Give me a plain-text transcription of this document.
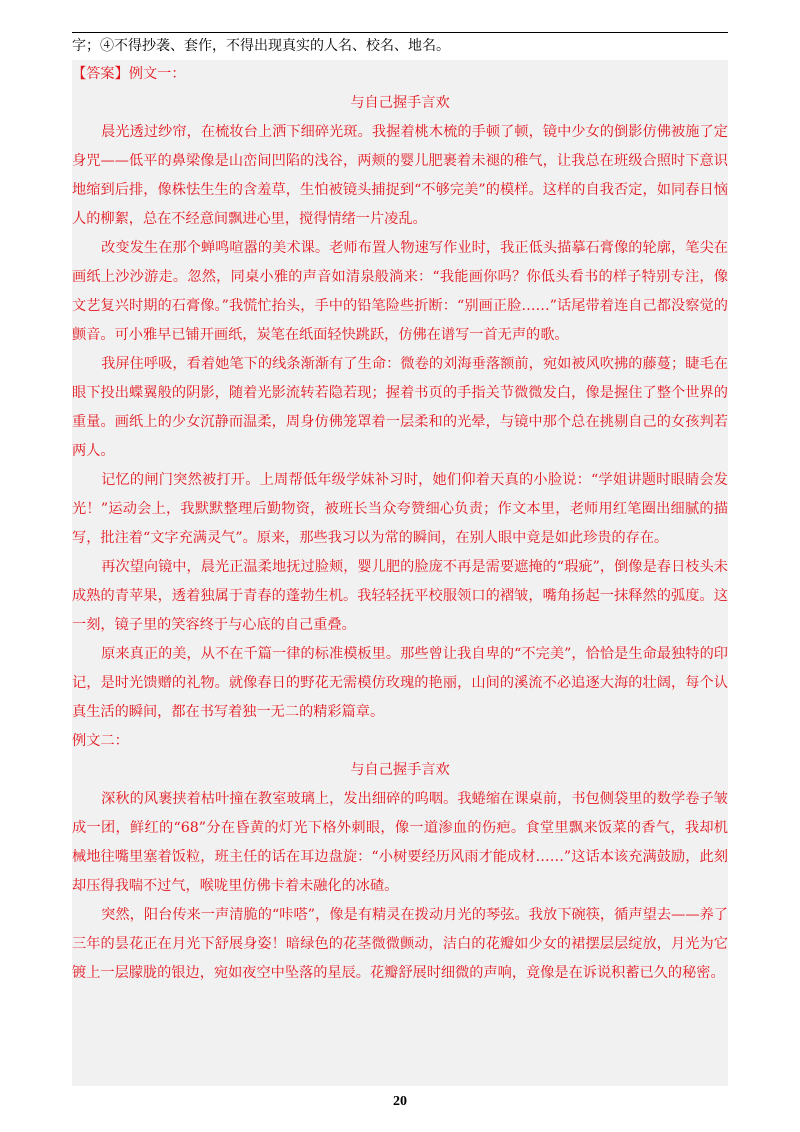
字；④不得抄袭、套作，不得出现真实的人名、校名、地名。

【答案】例文一：

与自己握手言欢

晨光透过纱帘，在梳妆台上洒下细碎光斑。我握着桃木梳的手顿了顿，镜中少女的倒影仿佛被施了定身咒——低平的鼻梁像是山峦间凹陷的浅谷，两颊的婴儿肥裹着未褪的稚气，让我总在班级合照时下意识地缩到后排，像株怯生生的含羞草，生怕被镜头捕捉到“不够完美”的模样。这样的自我否定，如同春日恼人的柳絮，总在不经意间飘进心里，搅得情绪一片凌乱。

改变发生在那个蝉鸣喧嚣的美术课。老师布置人物速写作业时，我正低头描摹石膏像的轮廓，笔尖在画纸上沙沙游走。忽然，同桌小雅的声音如清泉般淌来：“我能画你吗？你低头看书的样子特别专注，像文艺复兴时期的石膏像。”我慌忙抬头，手中的铅笔险些折断：“别画正脸……”话尾带着连自己都没察觉的颤音。可小雅早已铺开画纸，炭笔在纸面轻快跳跃，仿佛在谱写一首无声的歌。

我屏住呼吸，看着她笔下的线条渐渐有了生命：微卷的刘海垂落额前，宛如被风吹拂的藤蔓；睫毛在眼下投出蝶翼般的阴影，随着光影流转若隐若现；握着书页的手指关节微微发白，像是握住了整个世界的重量。画纸上的少女沉静而温柔，周身仿佛笼罩着一层柔和的光晕，与镜中那个总在挑剔自己的女孩判若两人。

记忆的闸门突然被打开。上周帮低年级学妹补习时，她们仰着天真的小脸说：“学姐讲题时眼睛会发光！”运动会上，我默默整理后勤物资，被班长当众夸赞细心负责；作文本里，老师用红笔圈出细腻的描写，批注着“文字充满灵气”。原来，那些我习以为常的瞬间，在别人眼中竟是如此珍贵的存在。

再次望向镜中，晨光正温柔地抚过脸颊，婴儿肥的脸庞不再是需要遮掩的“瑕疵”，倒像是春日枝头未成熟的青苹果，透着独属于青春的蓬勃生机。我轻轻抚平校服领口的褶皱，嘴角扬起一抹释然的弧度。这一刻，镜子里的笑容终于与心底的自己重叠。

原来真正的美，从不在千篇一律的标准模板里。那些曾让我自卑的“不完美”，恰恰是生命最独特的印记，是时光馈赠的礼物。就像春日的野花无需模仿玫瑰的艳丽，山间的溪流不必追逐大海的壮阔，每个认真生活的瞬间，都在书写着独一无二的精彩篇章。

例文二：

与自己握手言欢

深秋的风裹挟着枯叶撞在教室玻璃上，发出细碎的呜咽。我蜷缩在课桌前，书包侧袋里的数学卷子皱成一团，鲜红的“68”分在昏黄的灯光下格外刺眼，像一道渗血的伤疤。食堂里飘来饭菜的香气，我却机械地往嘴里塞着饭粒，班主任的话在耳边盘旋：“小树要经历风雨才能成材……”这话本该充满鼓励，此刻却压得我喘不过气，喉咙里仿佛卡着未融化的冰碴。

突然，阳台传来一声清脆的“咔嗒”，像是有精灵在拨动月光的琴弦。我放下碗筷，循声望去——养了三年的昙花正在月光下舒展身姿！暗绿色的花茎微微颤动，洁白的花瓣如少女的裙摆层层绽放，月光为它镀上一层朦胧的银边，宛如夜空中坠落的星辰。花瓣舒展时细微的声响，竟像是在诉说积蓄已久的秘密。

20
